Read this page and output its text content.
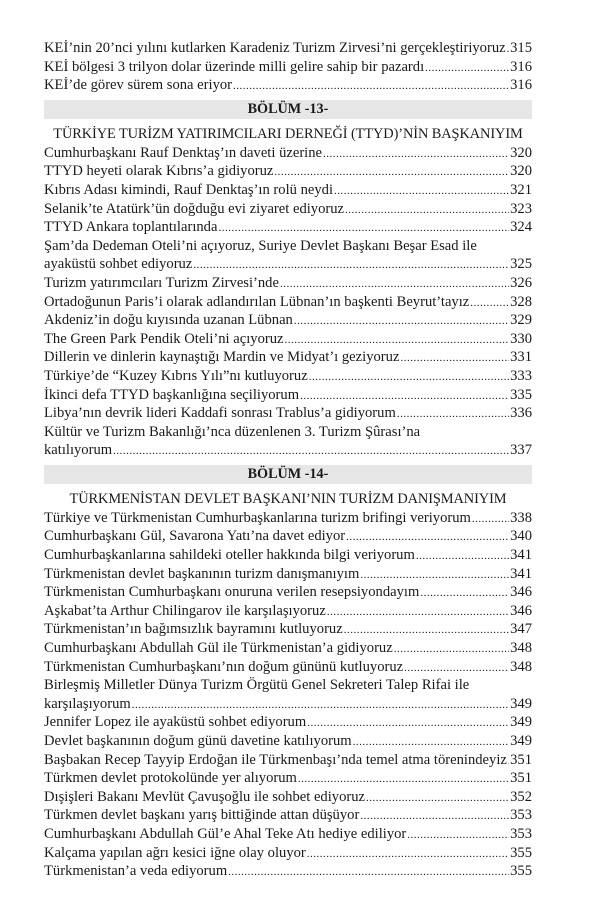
KEİ’nin 20’nci yılını kutlarken Karadeniz Turizm Zirvesi’ni gerçekleştiriyoruz ..... 315
KEİ bölgesi 3 trilyon dolar üzerinde milli gelire sahip bir pazardı .....	316
KEİ’de görev sürem sona eriyor .....	316
BÖLÜM -13-
TÜRKİYE TURİZM YATIRIMCILARI DERNEĞİ (TTYD)’NİN BAŞKANIYIM
Cumhurbaşkanı Rauf Denktaş’ın daveti üzerine .....	320
TTYD heyeti olarak Kıbrıs’a gidiyoruz .....	320
Kıbrıs Adası kimindi, Rauf Denktaş’ın rolü neydi .....	321
Selanik’te Atatürk’ün doğduğu evi ziyaret ediyoruz .....	323
TTYD Ankara toplantılarında .....	324
Şam’da Dedeman Oteli’ni açıyoruz, Suriye Devlet Başkanı Beşar Esad ile
ayaküstü sohbet ediyoruz .....	325
Turizm yatırımcıları Turizm Zirvesi’nde .....	326
Ortadoğunun Paris’i olarak adlandırılan Lübnan’ın başkenti Beyrut’tayız .....	328
Akdeniz’in doğu kıyısında uzanan Lübnan .....	329
The Green Park Pendik Oteli’ni açıyoruz .....	330
Dillerin ve dinlerin kaynaştığı Mardin ve Midyat’ı geziyoruz .....	331
Türkiye’de “Kuzey Kıbrıs Yılı”nı kutluyoruz .....	333
İkinci defa TTYD başkanlığına seçiliyorum .....	335
Libya’nın devrik lideri Kaddafi sonrası Trablus’a gidiyorum .....	336
Kültür ve Turizm Bakanlığı’nca düzenlenen 3. Turizm Şûrası’na
katılıyorum .....	337
BÖLÜM -14-
TÜRKMENİSTAN DEVLET BAŞKANI’NIN TURİZM DANIŞMANIYIM
Türkiye ve Türkmenistan Cumhurbaşkanlarına turizm brifingi veriyorum .....	338
Cumhurbaşkanı Gül, Savarona Yatı’na davet ediyor .....	340
Cumhurbaşkanlarına sahildeki oteller hakkında bilgi veriyorum .....	341
Türkmenistan devlet başkanının turizm danışmanıyım .....	341
Türkmenistan Cumhurbaşkanı onuruna verilen resepsiyondayım .....	346
Aşkabat’ta Arthur Chilingarov ile karşılaşıyoruz .....	346
Türkmenistan’ın bağımsızlık bayramını kutluyoruz .....	347
Cumhurbaşkanı Abdullah Gül ile Türkmenistan’a gidiyoruz .....	348
Türkmenistan Cumhurbaşkanı’nın doğum gününü kutluyoruz .....	348
Birleşmiş Milletler Dünya Turizm Örgütü Genel Sekreteri Talep Rifai ile
karşılaşıyorum .....	349
Jennifer Lopez ile ayaküstü sohbet ediyorum .....	349
Devlet başkanının doğum günü davetine katılıyorum .....	349
Başbakan Recep Tayyip Erdoğan ile Türkmenbaşı’nda temel atma törenindeyiz ..... 351
Türkmen devlet protokolünde yer alıyorum .....	351
Dışişleri Bakanı Mevlüt Çavuşoğlu ile sohbet ediyoruz .....	352
Türkmen devlet başkanı yarış bittiğinde attan düşüyor .....	353
Cumhurbaşkanı Abdullah Gül’e Ahal Teke Atı hediye ediliyor .....	353
Kalçama yapılan ağrı kesici iğne olay oluyor .....	355
Türkmenistan’a veda ediyorum .....	355
